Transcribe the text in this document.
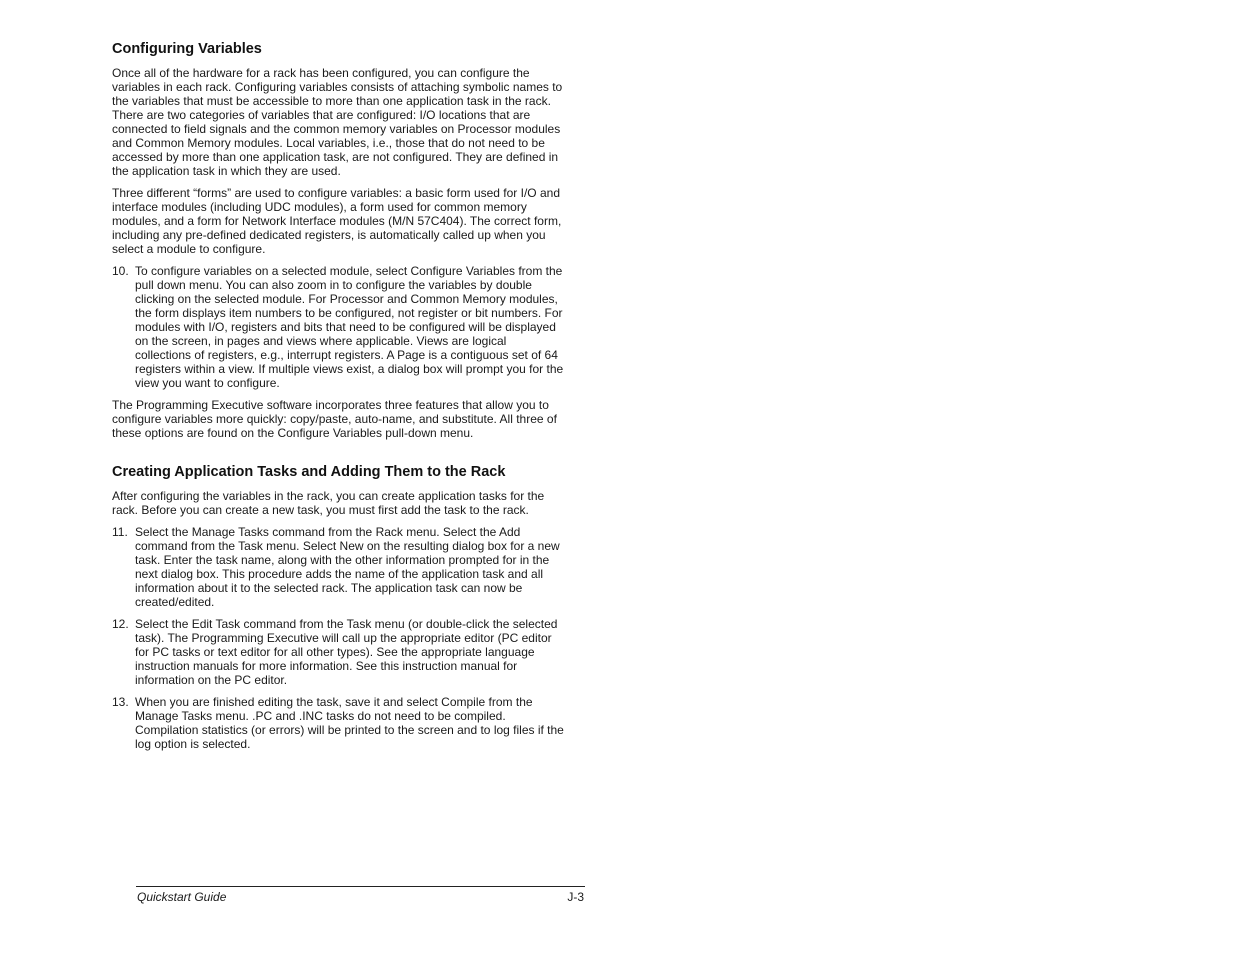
Configuring Variables

Once all of the hardware for a rack has been configured, you can configure the variables in each rack. Configuring variables consists of attaching symbolic names to the variables that must be accessible to more than one application task in the rack. There are two categories of variables that are configured: I/O locations that are connected to field signals and the common memory variables on Processor modules and Common Memory modules. Local variables, i.e., those that do not need to be accessed by more than one application task, are not configured. They are defined in the application task in which they are used.

Three different “forms” are used to configure variables: a basic form used for I/O and interface modules (including UDC modules), a form used for common memory modules, and a form for Network Interface modules (M/N 57C404). The correct form, including any pre-defined dedicated registers, is automatically called up when you select a module to configure.

10. To configure variables on a selected module, select Configure Variables from the pull down menu. You can also zoom in to configure the variables by double clicking on the selected module. For Processor and Common Memory modules, the form displays item numbers to be configured, not register or bit numbers. For modules with I/O, registers and bits that need to be configured will be displayed on the screen, in pages and views where applicable. Views are logical collections of registers, e.g., interrupt registers. A Page is a contiguous set of 64 registers within a view. If multiple views exist, a dialog box will prompt you for the view you want to configure.

The Programming Executive software incorporates three features that allow you to configure variables more quickly: copy/paste, auto-name, and substitute. All three of these options are found on the Configure Variables pull-down menu.

Creating Application Tasks and Adding Them to the Rack

After configuring the variables in the rack, you can create application tasks for the rack. Before you can create a new task, you must first add the task to the rack.

11. Select the Manage Tasks command from the Rack menu. Select the Add command from the Task menu. Select New on the resulting dialog box for a new task. Enter the task name, along with the other information prompted for in the next dialog box. This procedure adds the name of the application task and all information about it to the selected rack. The application task can now be created/edited.
12. Select the Edit Task command from the Task menu (or double-click the selected task). The Programming Executive will call up the appropriate editor (PC editor for PC tasks or text editor for all other types). See the appropriate language instruction manuals for more information. See this instruction manual for information on the PC editor.
13. When you are finished editing the task, save it and select Compile from the Manage Tasks menu. .PC and .INC tasks do not need to be compiled. Compilation statistics (or errors) will be printed to the screen and to log files if the log option is selected.
Quickstart Guide	J-3
